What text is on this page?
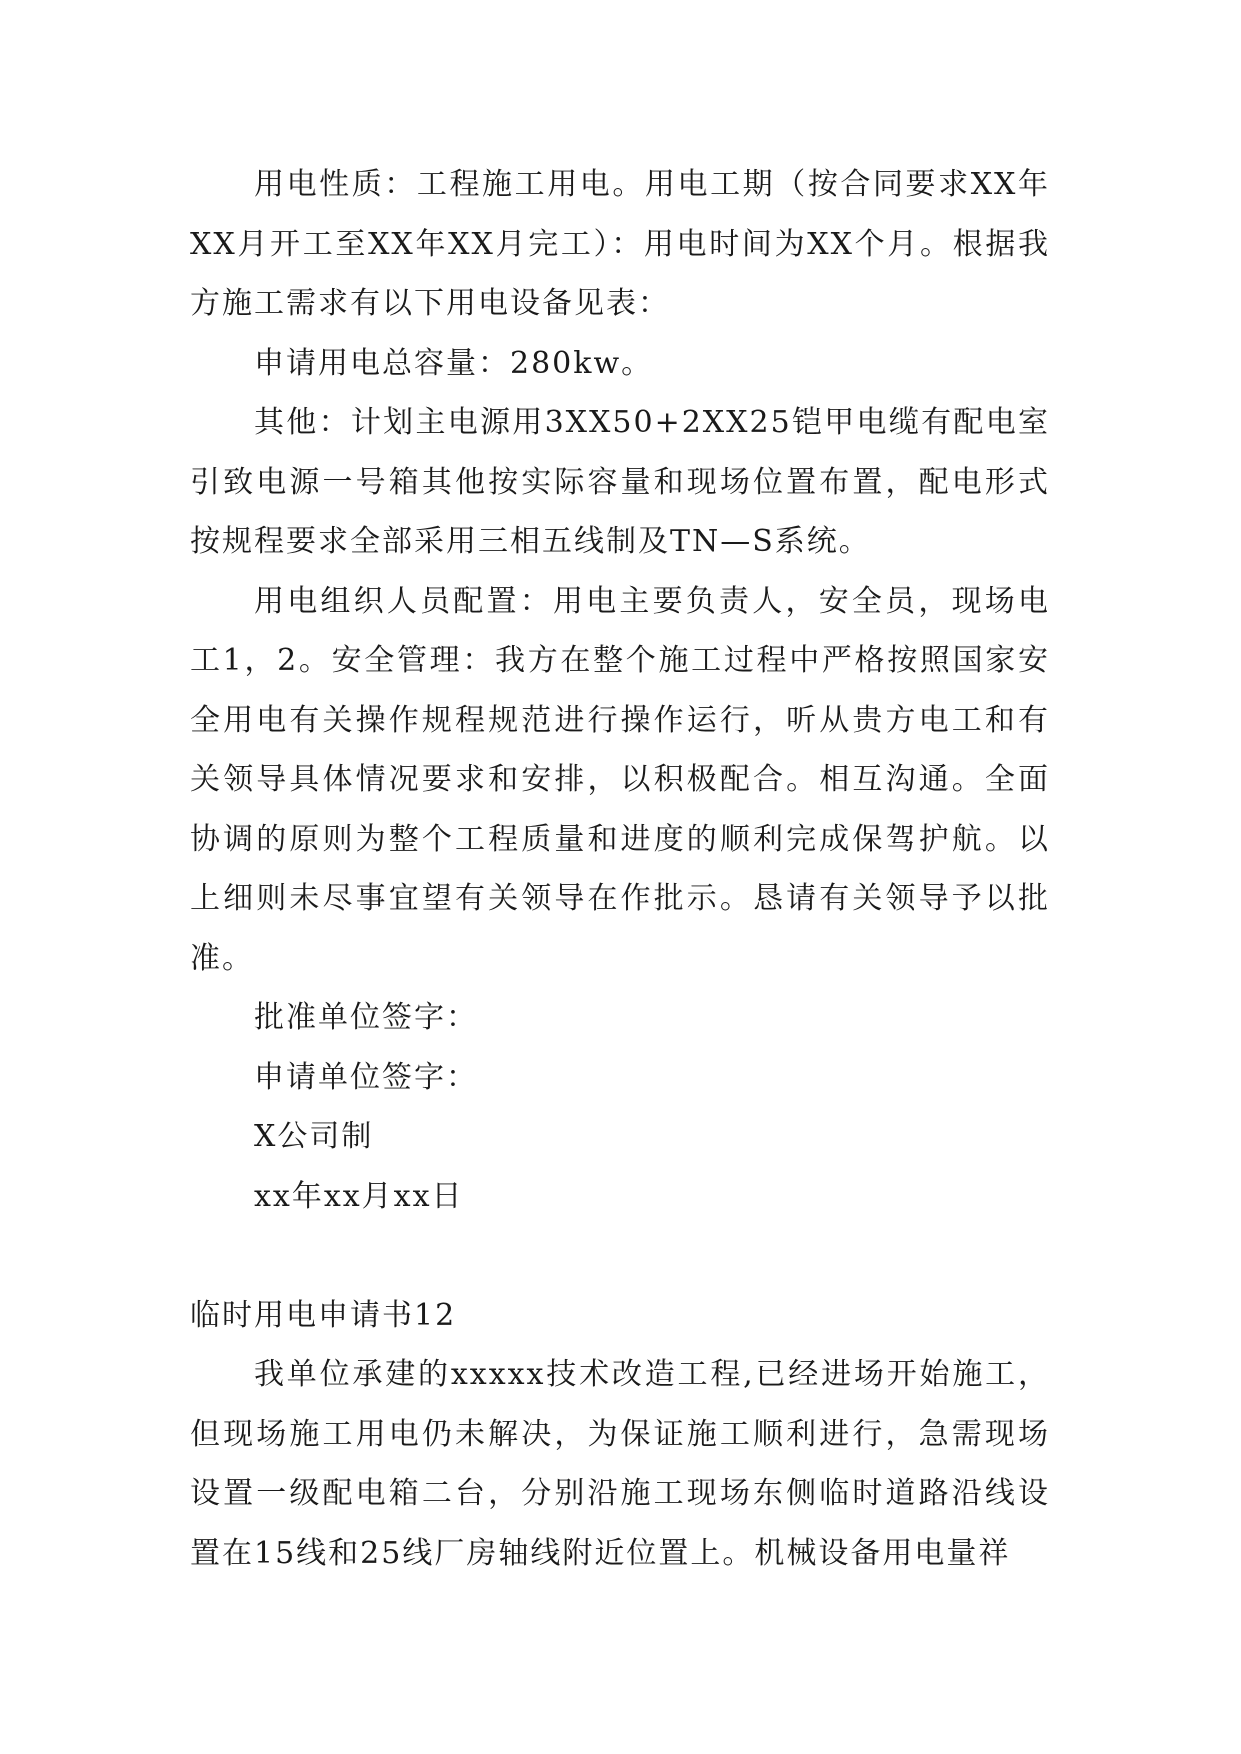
用电性质：工程施工用电。用电工期（按合同要求XX年XX月开工至XX年XX月完工）：用电时间为XX个月。根据我方施工需求有以下用电设备见表：

申请用电总容量：280kw。

其他：计划主电源用3XX50+2XX25铠甲电缆有配电室引致电源一号箱其他按实际容量和现场位置布置，配电形式按规程要求全部采用三相五线制及TN—S系统。

用电组织人员配置：用电主要负责人，安全员，现场电工1，2。安全管理：我方在整个施工过程中严格按照国家安全用电有关操作规程规范进行操作运行，听从贵方电工和有关领导具体情况要求和安排，以积极配合。相互沟通。全面协调的原则为整个工程质量和进度的顺利完成保驾护航。以上细则未尽事宜望有关领导在作批示。恳请有关领导予以批准。

批准单位签字：

申请单位签字：

X公司制

xx年xx月xx日

临时用电申请书12

我单位承建的xxxxx技术改造工程,已经进场开始施工，但现场施工用电仍未解决，为保证施工顺利进行，急需现场设置一级配电箱二台，分别沿施工现场东侧临时道路沿线设置在15线和25线厂房轴线附近位置上。机械设备用电量祥
